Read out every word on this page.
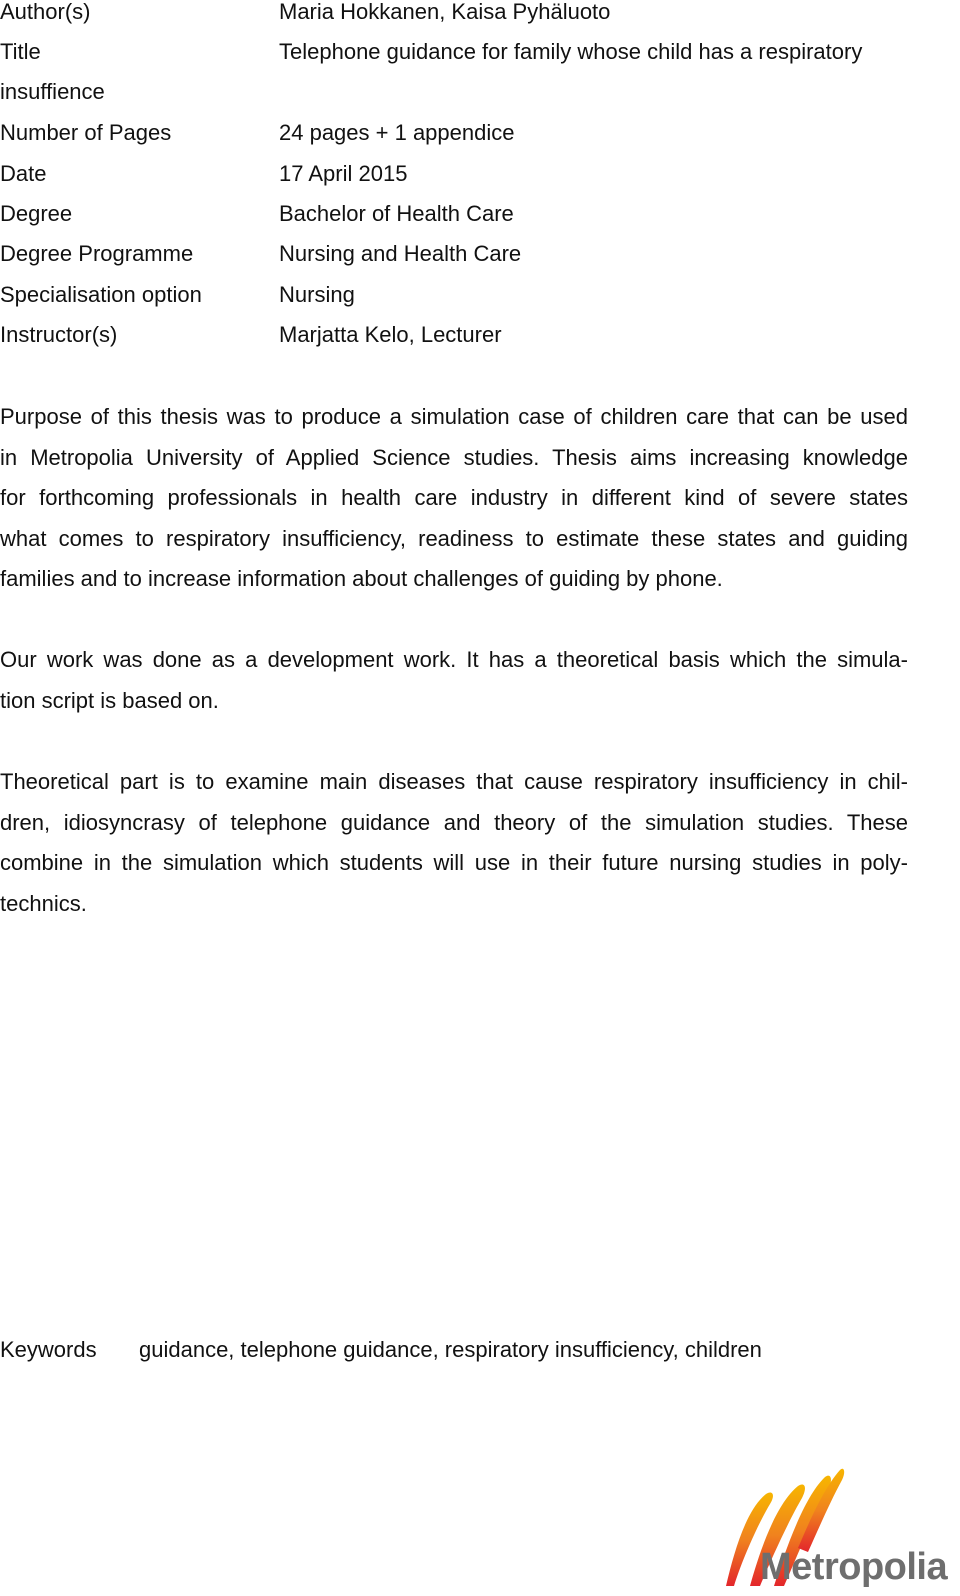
Author(s)	Maria Hokkanen, Kaisa Pyhäluoto
Title	Telephone guidance for family whose child has a respiratory
insuffience
Number of Pages	24 pages + 1 appendice
Date	17 April 2015
Degree	Bachelor of Health Care
Degree Programme	Nursing and Health Care
Specialisation option	Nursing
Instructor(s)	Marjatta Kelo, Lecturer
Purpose of this thesis was to produce a simulation case of children care that can be used
in Metropolia University of Applied Science studies. Thesis aims increasing knowledge
for forthcoming professionals in health care industry in different kind of severe states
what comes to respiratory insufficiency, readiness to estimate these states and guiding
families and to increase information about challenges of guiding by phone.
Our work was done as a development work. It has a theoretical basis which the simula-
tion script is based on.
Theoretical part is to examine main diseases that cause respiratory insufficiency in chil-
dren, idiosyncrasy of telephone guidance and theory of the simulation studies. These
combine in the simulation which students will use in their future nursing studies in poly-
technics.
Keywords guidance, telephone guidance, respiratory insufficiency, children
Metropolia
